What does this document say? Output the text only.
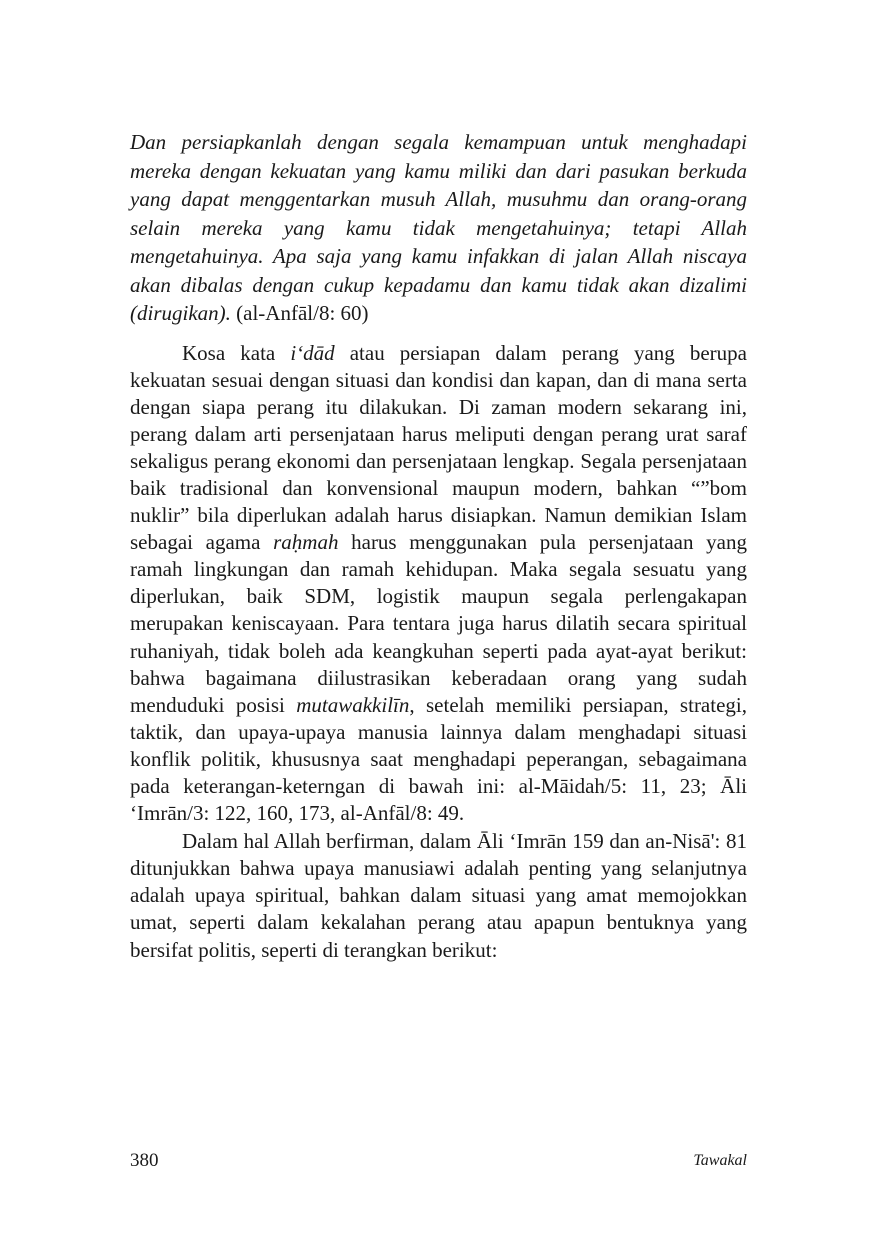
Dan persiapkanlah dengan segala kemampuan untuk menghadapi mereka dengan kekuatan yang kamu miliki dan dari pasukan berkuda yang dapat menggentarkan musuh Allah, musuhmu dan orang-orang selain mereka yang kamu tidak mengetahuinya; tetapi Allah mengetahuinya. Apa saja yang kamu infakkan di jalan Allah niscaya akan dibalas dengan cukup kepadamu dan kamu tidak akan dizalimi (dirugikan). (al-Anfāl/8: 60)

Kosa kata i‘dād atau persiapan dalam perang yang berupa kekuatan sesuai dengan situasi dan kondisi dan kapan, dan di mana serta dengan siapa perang itu dilakukan. Di zaman modern sekarang ini, perang dalam arti persenjataan harus meliputi dengan perang urat saraf sekaligus perang ekonomi dan persenjataan lengkap. Segala persenjataan baik tradisional dan konvensional maupun modern, bahkan “”bom nuklir” bila diperlukan adalah harus disiapkan. Namun demikian Islam sebagai agama raḥmah harus menggunakan pula persenjataan yang ramah lingkungan dan ramah kehidupan. Maka segala sesuatu yang diperlukan, baik SDM, logistik maupun segala perlengakapan merupakan keniscayaan. Para tentara juga harus dilatih secara spiritual ruhaniyah, tidak boleh ada keangkuhan seperti pada ayat-ayat berikut: bahwa bagaimana diilustrasikan keberadaan orang yang sudah menduduki posisi mutawakkilīn, setelah memiliki persiapan, strategi, taktik, dan upaya-upaya manusia lainnya dalam menghadapi situasi konflik politik, khususnya saat menghadapi peperangan, sebagaimana pada keterangan-keterngan di bawah ini: al-Māidah/5: 11, 23; Āli ‘Imrān/3: 122, 160, 173, al-Anfāl/8: 49.

Dalam hal Allah berfirman, dalam Āli ‘Imrān 159 dan an-Nisā': 81 ditunjukkan bahwa upaya manusiawi adalah penting yang selanjutnya adalah upaya spiritual, bahkan dalam situasi yang amat memojokkan umat, seperti dalam kekalahan perang atau apapun bentuknya yang bersifat politis, seperti di terangkan berikut:

380	Tawakal
